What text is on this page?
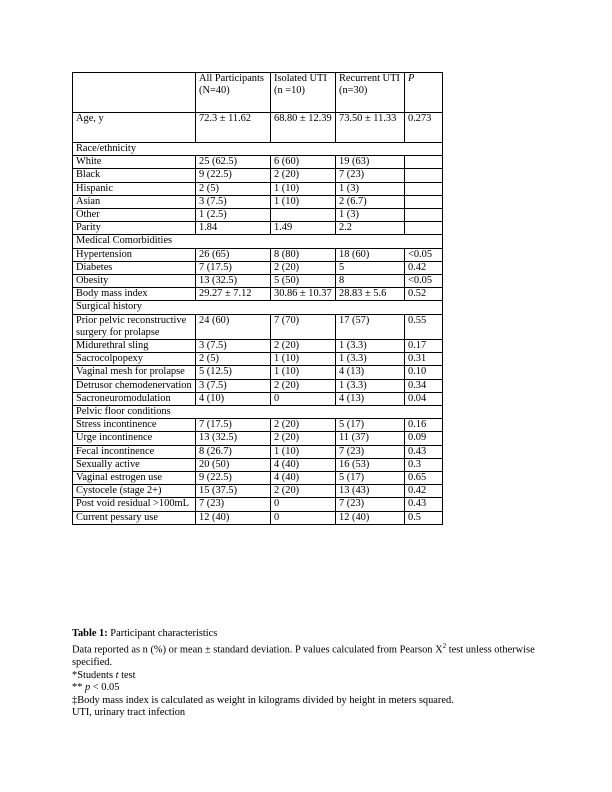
	All Participants (N=40)	Isolated UTI (n =10)	Recurrent UTI (n=30)	P
Age, y	72.3 ± 11.62	68.80 ± 12.39	73.50 ± 11.33	0.273
Race/ethnicity				
White	25 (62.5)	6 (60)	19 (63)	
Black	9 (22.5)	2 (20)	7 (23)	
Hispanic	2 (5)	1 (10)	1 (3)	
Asian	3 (7.5)	1 (10)	2 (6.7)	
Other	1 (2.5)		1 (3)	
Parity	1.84	1.49	2.2	
Medical Comorbidities				
Hypertension	26 (65)	8 (80)	18 (60)	<0.05
Diabetes	7 (17.5)	2 (20)	5	0.42
Obesity	13 (32.5)	5 (50)	8	<0.05
Body mass index	29.27 ± 7.12	30.86 ± 10.37	28.83 ± 5.6	0.52
Surgical history				
Prior pelvic reconstructive surgery for prolapse	24 (60)	7 (70)	17 (57)	0.55
Midurethral sling	3 (7.5)	2 (20)	1 (3.3)	0.17
Sacrocolpopexy	2 (5)	1 (10)	1 (3.3)	0.31
Vaginal mesh for prolapse	5 (12.5)	1 (10)	4 (13)	0.10
Detrusor chemodenervation	3 (7.5)	2 (20)	1 (3.3)	0.34
Sacroneuromodulation	4 (10)	0	4 (13)	0.04
Pelvic floor conditions				
Stress incontinence	7 (17.5)	2 (20)	5 (17)	0.16
Urge incontinence	13 (32.5)	2 (20)	11 (37)	0.09
Fecal incontinence	8 (26.7)	1 (10)	7 (23)	0.43
Sexually active	20 (50)	4 (40)	16 (53)	0.3
Vaginal estrogen use	9 (22.5)	4 (40)	5 (17)	0.65
Cystocele (stage 2+)	15 (37.5)	2 (20)	13 (43)	0.42
Post void residual >100mL	7 (23)	0	7 (23)	0.43
Current pessary use	12 (40)	0	12 (40)	0.5

Table 1: Participant characteristics

Data reported as n (%) or mean ± standard deviation. P values calculated from Pearson $X^2$ test unless otherwise specified.

*Students t test

** p < 0.05

‡Body mass index is calculated as weight in kilograms divided by height in meters squared.

UTI, urinary tract infection
